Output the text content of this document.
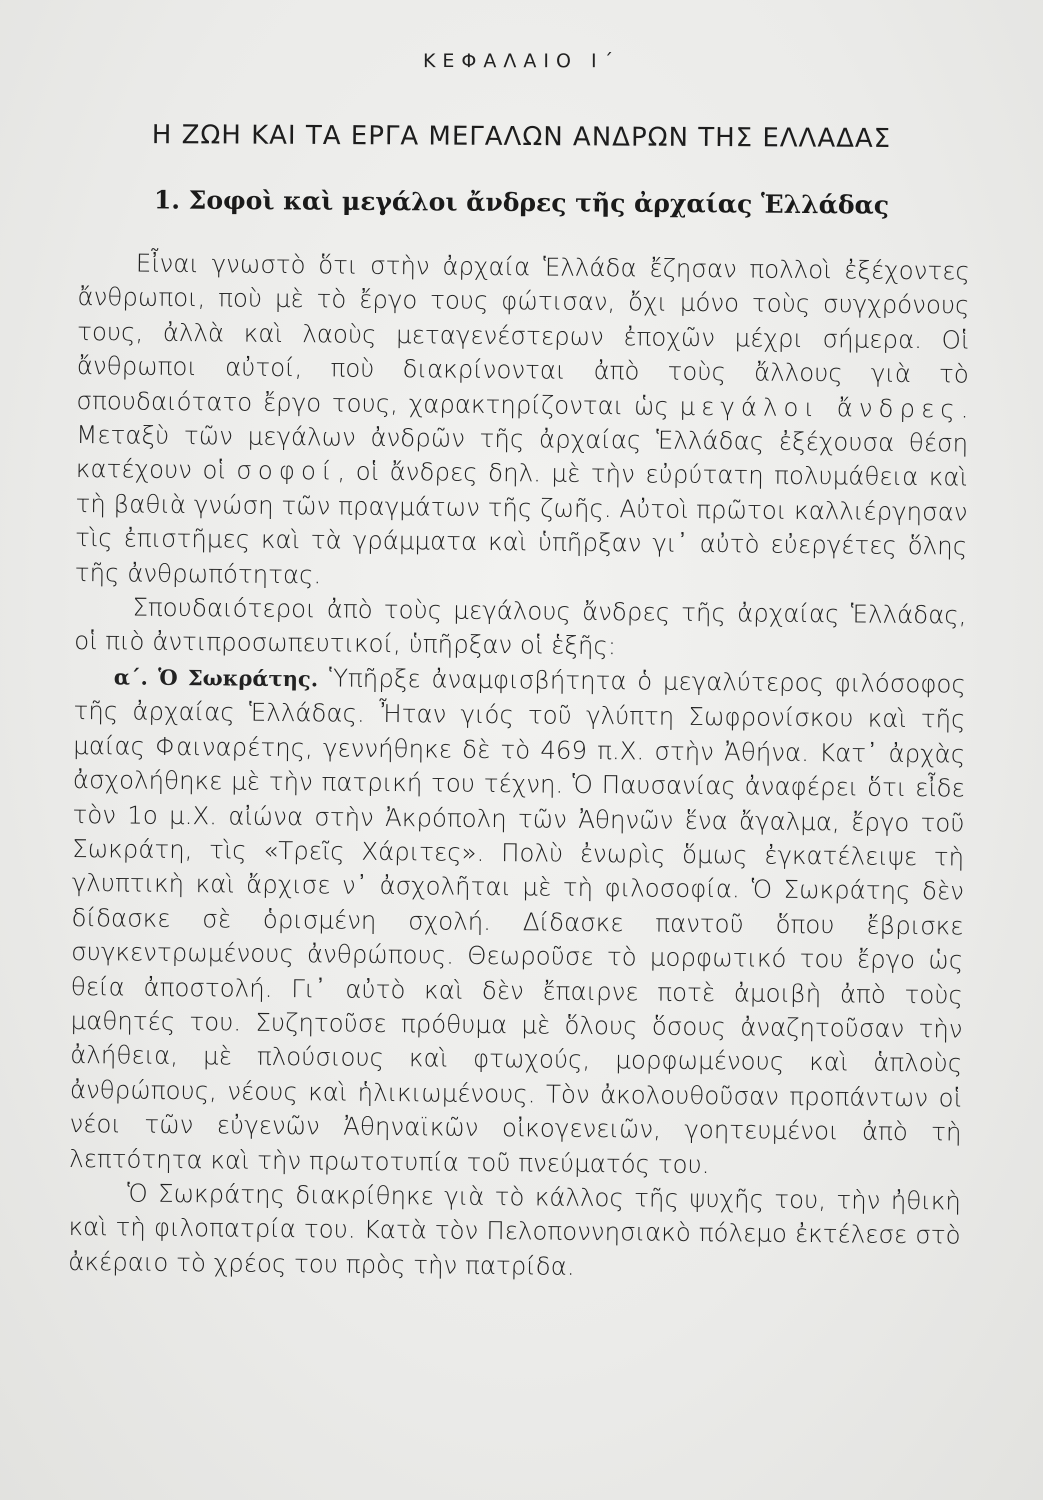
ΚΕΦΑΛΑΙΟ Ι΄
Η ΖΩΗ ΚΑΙ ΤΑ ΕΡΓΑ ΜΕΓΑΛΩΝ ΑΝΔΡΩΝ ΤΗΣ ΕΛΛΑΔΑΣ
1. Σοφοὶ καὶ μεγάλοι ἄνδρες τῆς ἀρχαίας Ἑλλάδας

Εἶναι γνωστὸ ὅτι στὴν ἀρχαία Ἑλλάδα ἔζησαν πολλοὶ ἐξέχοντες ἄνθρωποι, ποὺ μὲ τὸ ἔργο τους φώτισαν, ὄχι μόνο τοὺς συγχρόνους τους, ἀλλὰ καὶ λαοὺς μεταγενέστερων ἐποχῶν μέχρι σήμερα. Οἱ ἄνθρωποι αὐτοί, ποὺ διακρίνονται ἀπὸ τοὺς ἄλλους γιὰ τὸ σπουδαιότατο ἔργο τους, χαρακτηρίζονται ὡς μεγάλοι ἄνδρες. Μεταξὺ τῶν μεγάλων ἀνδρῶν τῆς ἀρχαίας Ἑλλάδας ἐξέχουσα θέση κατέχουν οἱ σοφοί, οἱ ἄνδρες δηλ. μὲ τὴν εὐρύτατη πολυμάθεια καὶ τὴ βαθιὰ γνώση τῶν πραγμάτων τῆς ζωῆς. Αὐτοὶ πρῶτοι καλλιέργησαν τὶς ἐπιστῆμες καὶ τὰ γράμματα καὶ ὑπῆρξαν γι᾿ αὐτὸ εὐεργέτες ὅλης τῆς ἀνθρωπότητας.

Σπουδαιότεροι ἀπὸ τοὺς μεγάλους ἄνδρες τῆς ἀρχαίας Ἑλλάδας, οἱ πιὸ ἀντιπροσωπευτικοί, ὑπῆρξαν οἱ ἑξῆς:

α΄. Ὁ Σωκράτης. Ὑπῆρξε ἀναμφισβήτητα ὁ μεγαλύτερος φιλόσοφος τῆς ἀρχαίας Ἑλλάδας. Ἦταν γιός τοῦ γλύπτη Σωφρονίσκου καὶ τῆς μαίας Φαιναρέτης, γεννήθηκε δὲ τὸ 469 π.Χ. στὴν Ἀθήνα. Κατ᾿ ἀρχὰς ἀσχολήθηκε μὲ τὴν πατρική του τέχνη. Ὁ Παυσανίας ἀναφέρει ὅτι εἶδε τὸν 1ο μ.Χ. αἰώνα στὴν Ἀκρόπολη τῶν Ἀθηνῶν ἕνα ἄγαλμα, ἔργο τοῦ Σωκράτη, τὶς «Τρεῖς Χάριτες». Πολὺ ἐνωρὶς ὅμως ἐγκατέλειψε τὴ γλυπτικὴ καὶ ἄρχισε ν᾿ ἀσχολῆται μὲ τὴ φιλοσοφία. Ὁ Σωκράτης δὲν δίδασκε σὲ ὁρισμένη σχολή. Δίδασκε παντοῦ ὅπου ἔβρισκε συγκεντρωμένους ἀνθρώπους. Θεωροῦσε τὸ μορφωτικό του ἔργο ὡς θεία ἀποστολή. Γι᾿ αὐτὸ καὶ δὲν ἔπαιρνε ποτὲ ἀμοιβὴ ἀπὸ τοὺς μαθητές του. Συζητοῦσε πρόθυμα μὲ ὅλους ὅσους ἀναζητοῦσαν τὴν ἀλήθεια, μὲ πλούσιους καὶ φτωχούς, μορφωμένους καὶ ἁπλοὺς ἀνθρώπους, νέους καὶ ἡλικιωμένους. Τὸν ἀκολουθοῦσαν προπάντων οἱ νέοι τῶν εὐγενῶν Ἀθηναϊκῶν οἰκογενειῶν, γοητευμένοι ἀπὸ τὴ λεπτότητα καὶ τὴν πρωτοτυπία τοῦ πνεύματός του.

Ὁ Σωκράτης διακρίθηκε γιὰ τὸ κάλλος τῆς ψυχῆς του, τὴν ἠθικὴ καὶ τὴ φιλοπατρία του. Κατὰ τὸν Πελοποννησιακὸ πόλεμο ἐκτέλεσε στὸ ἀκέραιο τὸ χρέος του πρὸς τὴν πατρίδα.
